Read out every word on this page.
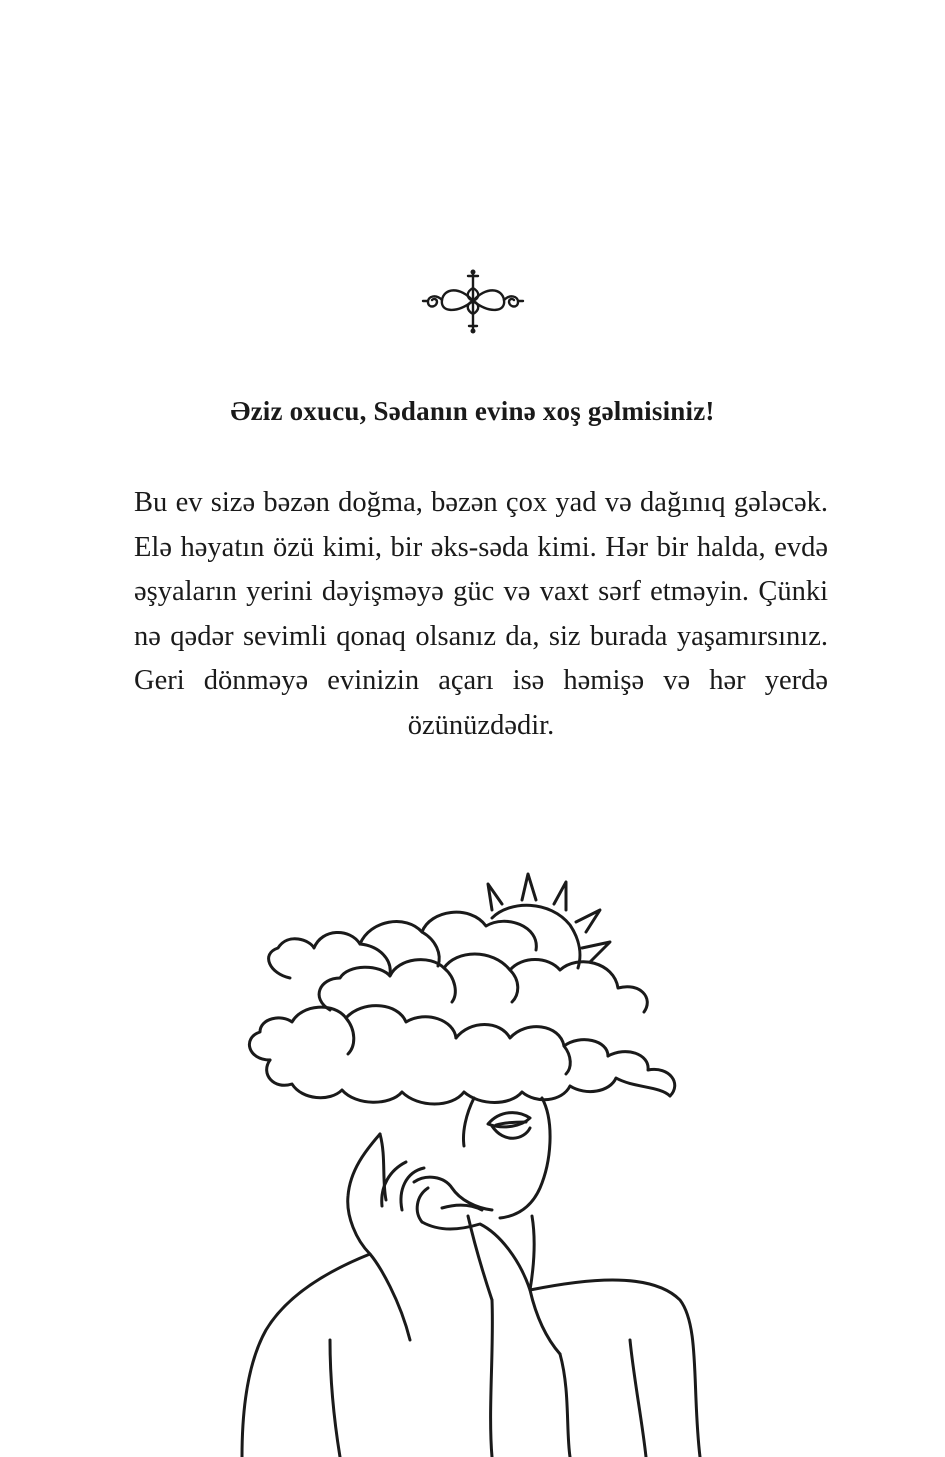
Əziz oxucu, Sədanın evinə xoş gəlmisiniz!

Bu ev sizə bəzən doğma, bəzən çox yad və dağınıq gələcək. Elə həyatın özü kimi, bir əks-səda kimi. Hər bir halda, evdə əşyaların yerini dəyişməyə güc və vaxt sərf etməyin. Çünki nə qədər sevimli qonaq olsanız da, siz burada yaşamırsınız. Geri dönməyə evinizin açarı isə həmişə və hər yerdə özünüzdədir.
